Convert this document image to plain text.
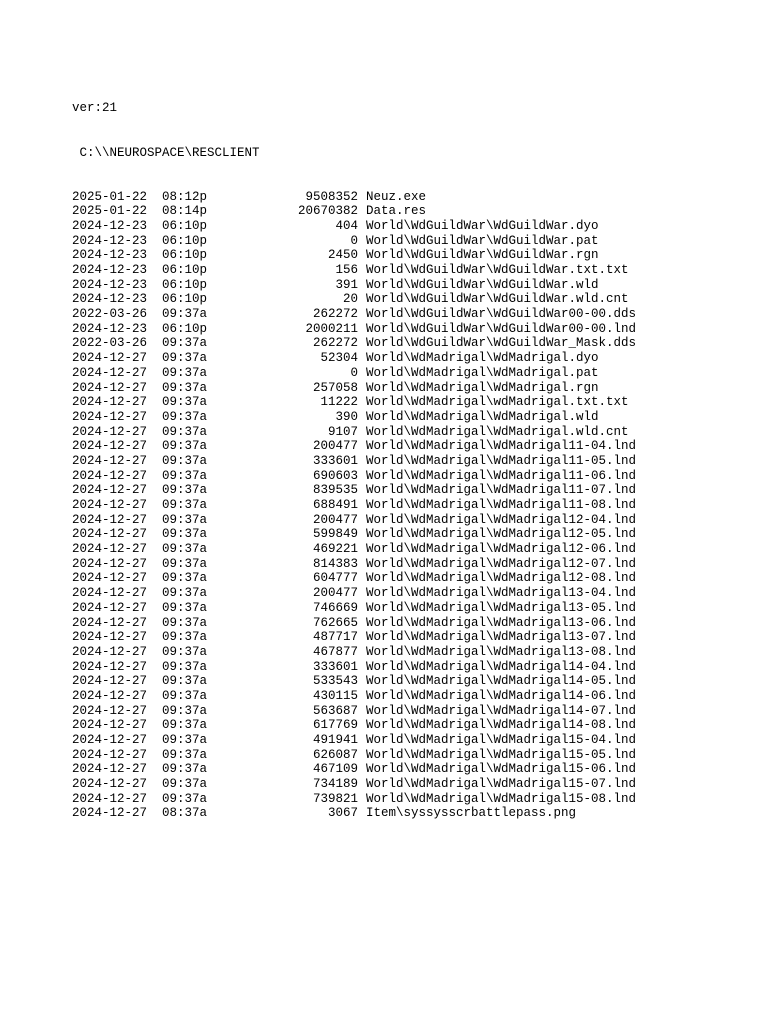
ver:21

C:\\NEUROSPACE\RESCLIENT

2025-01-22	08:12p	9508352 Neuz.exe
2025-01-22	08:14p	20670382 Data.res
2024-12-23	06:10p	404 World\WdGuildWar\WdGuildWar.dyo
2024-12-23	06:10p	0 World\WdGuildWar\WdGuildWar.pat
2024-12-23	06:10p	2450 World\WdGuildWar\WdGuildWar.rgn
2024-12-23	06:10p	156 World\WdGuildWar\WdGuildWar.txt.txt
2024-12-23	06:10p	391 World\WdGuildWar\WdGuildWar.wld
2024-12-23	06:10p	20 World\WdGuildWar\WdGuildWar.wld.cnt
2022-03-26	09:37a	262272 World\WdGuildWar\WdGuildWar00-00.dds
2024-12-23	06:10p	2000211 World\WdGuildWar\WdGuildWar00-00.lnd
2022-03-26	09:37a	262272 World\WdGuildWar\WdGuildWar_Mask.dds
2024-12-27	09:37a	52304 World\WdMadrigal\WdMadrigal.dyo
2024-12-27	09:37a	0 World\WdMadrigal\WdMadrigal.pat
2024-12-27	09:37a	257058 World\WdMadrigal\WdMadrigal.rgn
2024-12-27	09:37a	11222 World\WdMadrigal\wdMadrigal.txt.txt
2024-12-27	09:37a	390 World\WdMadrigal\WdMadrigal.wld
2024-12-27	09:37a	9107 World\WdMadrigal\WdMadrigal.wld.cnt
2024-12-27	09:37a	200477 World\WdMadrigal\WdMadrigal11-04.lnd
2024-12-27	09:37a	333601 World\WdMadrigal\WdMadrigal11-05.lnd
2024-12-27	09:37a	690603 World\WdMadrigal\WdMadrigal11-06.lnd
2024-12-27	09:37a	839535 World\WdMadrigal\WdMadrigal11-07.lnd
2024-12-27	09:37a	688491 World\WdMadrigal\WdMadrigal11-08.lnd
2024-12-27	09:37a	200477 World\WdMadrigal\WdMadrigal12-04.lnd
2024-12-27	09:37a	599849 World\WdMadrigal\WdMadrigal12-05.lnd
2024-12-27	09:37a	469221 World\WdMadrigal\WdMadrigal12-06.lnd
2024-12-27	09:37a	814383 World\WdMadrigal\WdMadrigal12-07.lnd
2024-12-27	09:37a	604777 World\WdMadrigal\WdMadrigal12-08.lnd
2024-12-27	09:37a	200477 World\WdMadrigal\WdMadrigal13-04.lnd
2024-12-27	09:37a	746669 World\WdMadrigal\WdMadrigal13-05.lnd
2024-12-27	09:37a	762665 World\WdMadrigal\WdMadrigal13-06.lnd
2024-12-27	09:37a	487717 World\WdMadrigal\WdMadrigal13-07.lnd
2024-12-27	09:37a	467877 World\WdMadrigal\WdMadrigal13-08.lnd
2024-12-27	09:37a	333601 World\WdMadrigal\WdMadrigal14-04.lnd
2024-12-27	09:37a	533543 World\WdMadrigal\WdMadrigal14-05.lnd
2024-12-27	09:37a	430115 World\WdMadrigal\WdMadrigal14-06.lnd
2024-12-27	09:37a	563687 World\WdMadrigal\WdMadrigal14-07.lnd
2024-12-27	09:37a	617769 World\WdMadrigal\WdMadrigal14-08.lnd
2024-12-27	09:37a	491941 World\WdMadrigal\WdMadrigal15-04.lnd
2024-12-27	09:37a	626087 World\WdMadrigal\WdMadrigal15-05.lnd
2024-12-27	09:37a	467109 World\WdMadrigal\WdMadrigal15-06.lnd
2024-12-27	09:37a	734189 World\WdMadrigal\WdMadrigal15-07.lnd
2024-12-27	09:37a	739821 World\WdMadrigal\WdMadrigal15-08.lnd
2024-12-27	08:37a	3067 Item\syssysscrbattlepass.png
